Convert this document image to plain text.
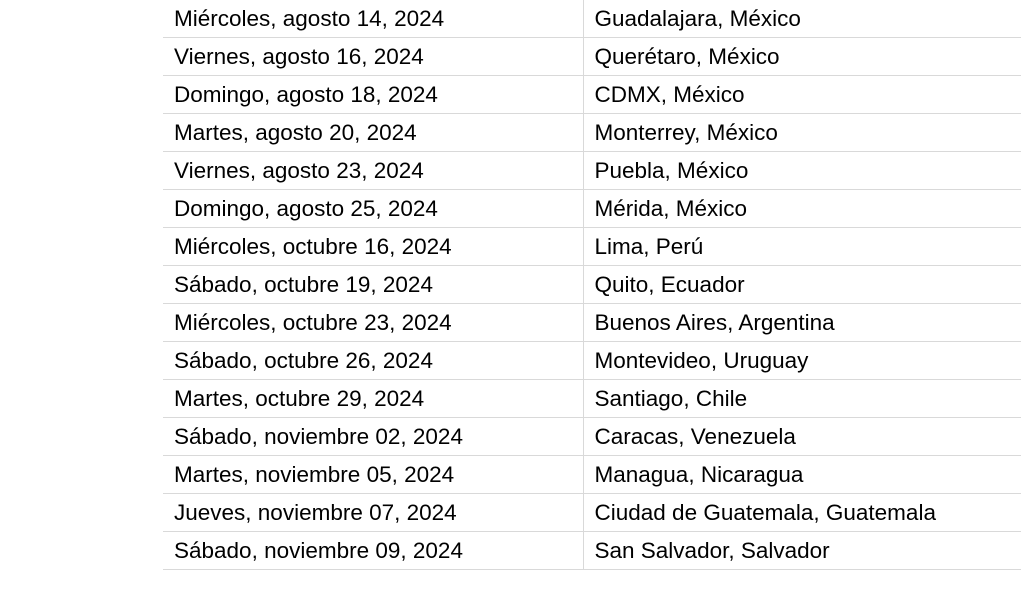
Miércoles, agosto 14, 2024	Guadalajara, México
Viernes, agosto 16, 2024	Querétaro, México
Domingo, agosto 18, 2024	CDMX, México
Martes, agosto 20, 2024	Monterrey, México
Viernes, agosto 23, 2024	Puebla, México
Domingo, agosto 25, 2024	Mérida, México
Miércoles, octubre 16, 2024	Lima, Perú
Sábado, octubre 19, 2024	Quito, Ecuador
Miércoles, octubre 23, 2024	Buenos Aires, Argentina
Sábado, octubre 26, 2024	Montevideo, Uruguay
Martes, octubre 29, 2024	Santiago, Chile
Sábado, noviembre 02, 2024	Caracas, Venezuela
Martes, noviembre 05, 2024	Managua, Nicaragua
Jueves, noviembre 07, 2024	Ciudad de Guatemala, Guatemala
Sábado, noviembre 09, 2024	San Salvador, Salvador
